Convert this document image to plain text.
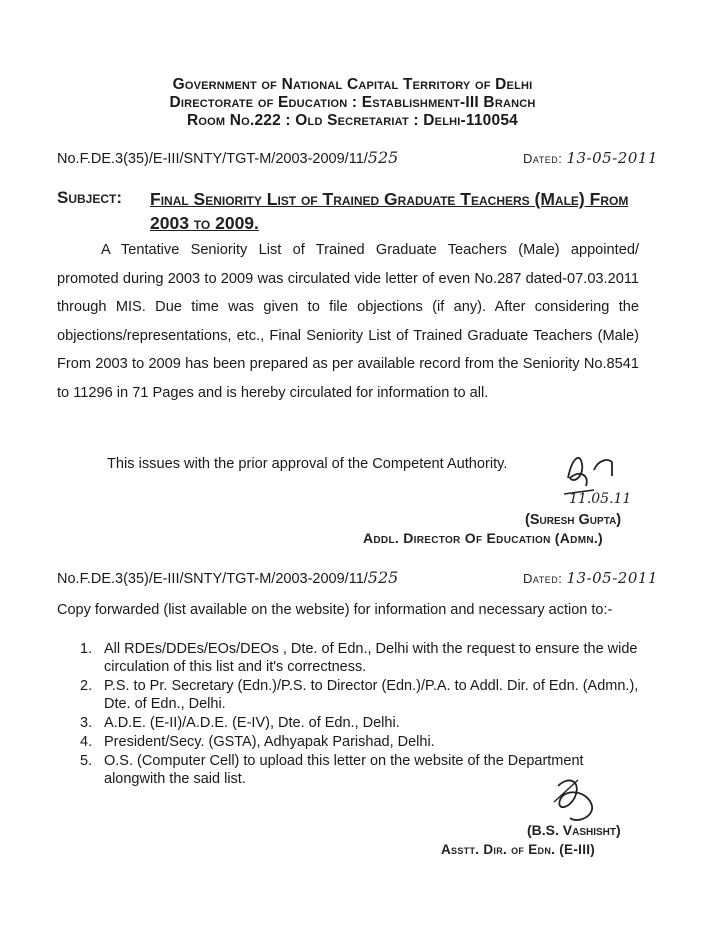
Government of National Capital Territory of Delhi
Directorate of Education : Establishment-III Branch
Room No.222 : Old Secretariat : Delhi-110054
No.F.DE.3(35)/E-III/SNTY/TGT-M/2003-2009/11/525	Dated: 13-05-2011
Subject: Final Seniority List of Trained Graduate Teachers (Male) From 2003 to 2009.
A Tentative Seniority List of Trained Graduate Teachers (Male) appointed/ promoted during 2003 to 2009 was circulated vide letter of even No.287 dated-07.03.2011 through MIS. Due time was given to file objections (if any). After considering the objections/representations, etc., Final Seniority List of Trained Graduate Teachers (Male) From 2003 to 2009 has been prepared as per available record from the Seniority No.8541 to 11296 in 71 Pages and is hereby circulated for information to all.
This issues with the prior approval of the Competent Authority.
11.05.11
(Suresh Gupta)
Addl. Director Of Education (Admn.)
No.F.DE.3(35)/E-III/SNTY/TGT-M/2003-2009/11/525	Dated: 13-05-2011
Copy forwarded (list available on the website) for information and necessary action to:-
1. All RDEs/DDEs/EOs/DEOs , Dte. of Edn., Delhi with the request to ensure the wide circulation of this list and it's correctness.
2. P.S. to Pr. Secretary (Edn.)/P.S. to Director (Edn.)/P.A. to Addl. Dir. of Edn. (Admn.), Dte. of Edn., Delhi.
3. A.D.E. (E-II)/A.D.E. (E-IV), Dte. of Edn., Delhi.
4. President/Secy. (GSTA), Adhyapak Parishad, Delhi.
5. O.S. (Computer Cell) to upload this letter on the website of the Department alongwith the said list.
(B.S. Vashisht)
Asstt. Dir. of Edn. (E-III)
